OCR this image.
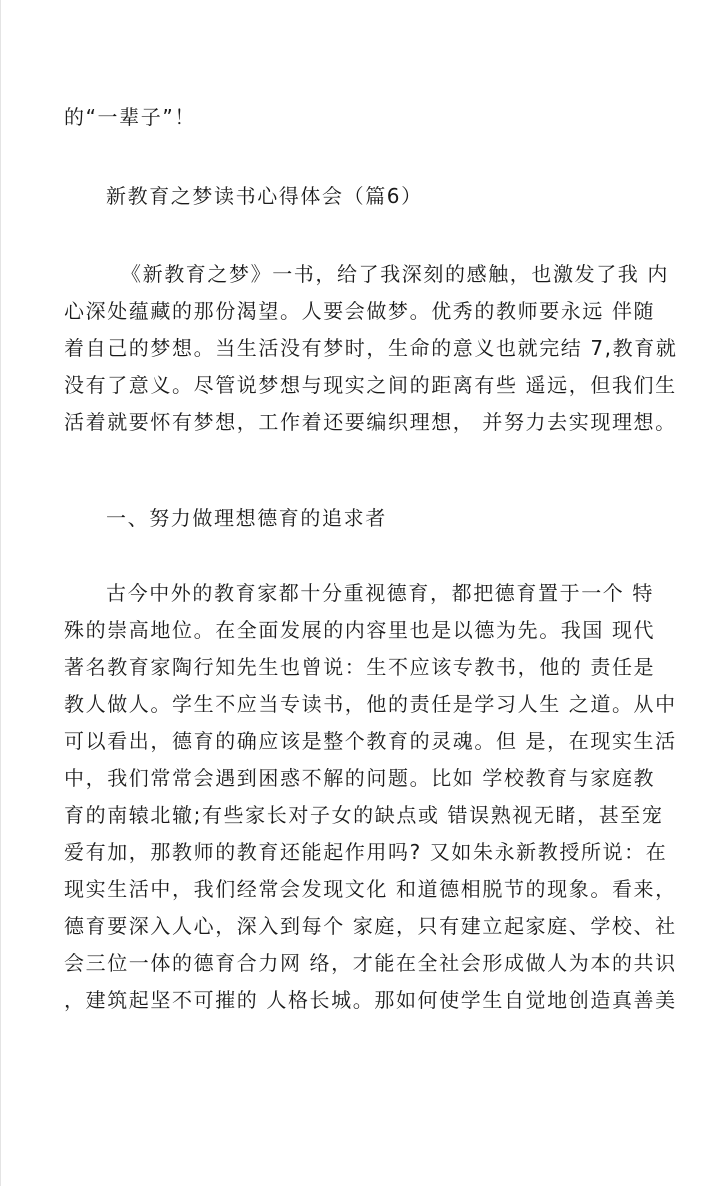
的“一辈子”！
新教育之梦读书心得体会（篇6）
《新教育之梦》一书，给了我深刻的感触，也激发了我 内
心深处蕴藏的那份渴望。人要会做梦。优秀的教师要永远 伴随
着自己的梦想。当生活没有梦时，生命的意义也就完结 7,教育就
没有了意义。尽管说梦想与现实之间的距离有些 遥远，但我们生
活着就要怀有梦想，工作着还要编织理想， 并努力去实现理想。
一、努力做理想德育的追求者
古今中外的教育家都十分重视德育，都把德育置于一个 特
殊的崇高地位。在全面发展的内容里也是以德为先。我国 现代
著名教育家陶行知先生也曾说：生不应该专教书，他的 责任是
教人做人。学生不应当专读书，他的责任是学习人生 之道。从中
可以看出，德育的确应该是整个教育的灵魂。但 是，在现实生活
中，我们常常会遇到困惑不解的问题。比如 学校教育与家庭教
育的南辕北辙;有些家长对子女的缺点或 错误熟视无睹，甚至宠
爱有加，那教师的教育还能起作用吗? 又如朱永新教授所说：在
现实生活中，我们经常会发现文化 和道德相脱节的现象。看来，
德育要深入人心，深入到每个 家庭，只有建立起家庭、学校、社
会三位一体的德育合力网 络，才能在全社会形成做人为本的共识
，建筑起坚不可摧的 人格长城。那如何使学生自觉地创造真善美
